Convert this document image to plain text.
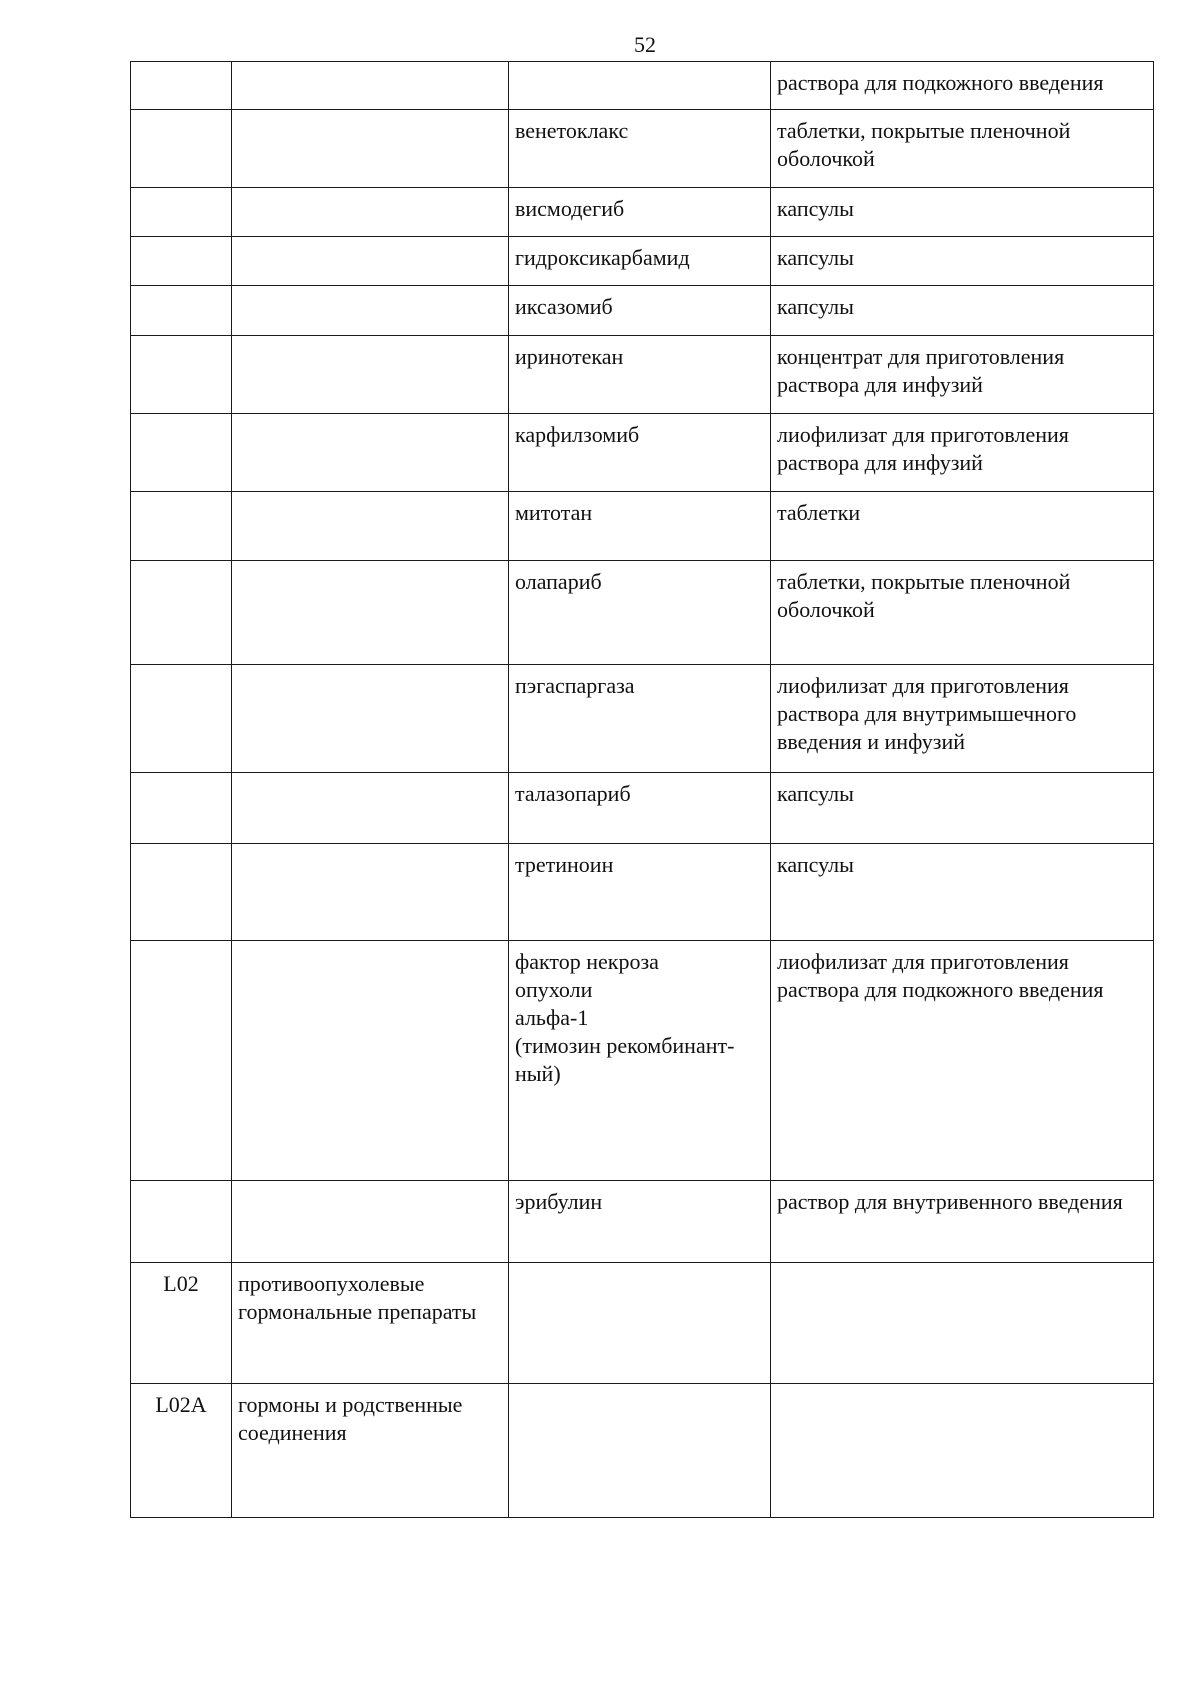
52
			раствора для подкожного введения
		венетоклакс	таблетки, покрытые пленочной оболочкой
		висмодегиб	капсулы
		гидроксикарбамид	капсулы
		иксазомиб	капсулы
		иринотекан	концентрат для приготовления раствора для инфузий
		карфилзомиб	лиофилизат для приготовления раствора для инфузий
		митотан	таблетки
		олапариб	таблетки, покрытые пленочной оболочкой
		пэгаспаргаза	лиофилизат для приготовления раствора для внутримышечного введения и инфузий
		талазопариб	капсулы
		третиноин	капсулы
		фактор некроза
опухоли
альфа-1
(тимозин рекомбинант-
ный)	лиофилизат для приготовления раствора для подкожного введения
		эрибулин	раствор для внутривенного введения
L02	противоопухолевые гормональные препараты		
L02A	гормоны и родственные соединения		
